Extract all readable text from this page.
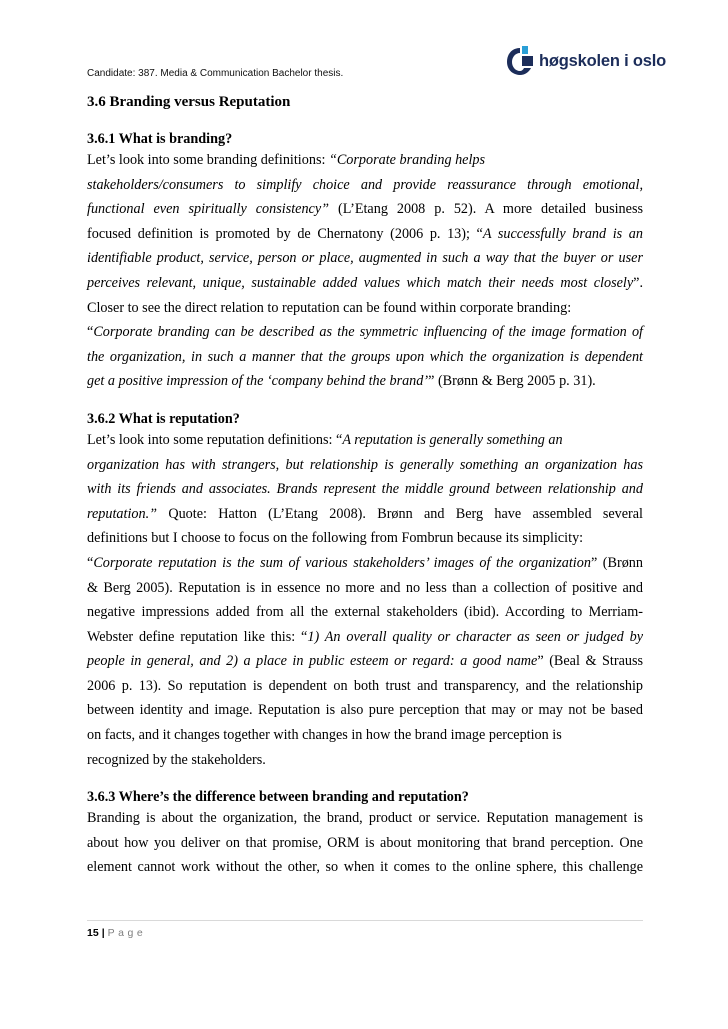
Candidate: 387. Media & Communication Bachelor thesis.
høgskolen i oslo
3.6 Branding versus Reputation
3.6.1 What is branding?

Let’s look into some branding definitions: “Corporate branding helps
stakeholders/consumers to simplify choice and provide reassurance through emotional,
functional even spiritually consistency” (L’Etang 2008 p. 52). A more detailed business
focused definition is promoted by de Chernatony (2006 p. 13); “A successfully brand is an
identifiable product, service, person or place, augmented in such a way that the buyer or user
perceives relevant, unique, sustainable added values which match their needs most closely”.
Closer to see the direct relation to reputation can be found within corporate branding:
“Corporate branding can be described as the symmetric influencing of the image formation of
the organization, in such a manner that the groups upon which the organization is dependent
get a positive impression of the ‘company behind the brand’” (Brønn & Berg 2005 p. 31).

3.6.2 What is reputation?

Let’s look into some reputation definitions: “A reputation is generally something an
organization has with strangers, but relationship is generally something an organization has
with its friends and associates. Brands represent the middle ground between relationship and
reputation.” Quote: Hatton (L’Etang 2008). Brønn and Berg have assembled several
definitions but I choose to focus on the following from Fombrun because its simplicity:
“Corporate reputation is the sum of various stakeholders’ images of the organization” (Brønn
& Berg 2005). Reputation is in essence no more and no less than a collection of positive and
negative impressions added from all the external stakeholders (ibid). According to Merriam-
Webster define reputation like this: “1) An overall quality or character as seen or judged by
people in general, and 2) a place in public esteem or regard: a good name” (Beal & Strauss
2006 p. 13). So reputation is dependent on both trust and transparency, and the relationship
between identity and image. Reputation is also pure perception that may or may not be based
on facts, and it changes together with changes in how the brand image perception is
recognized by the stakeholders.

3.6.3 Where’s the difference between branding and reputation?

Branding is about the organization, the brand, product or service. Reputation management is
about how you deliver on that promise, ORM is about monitoring that brand perception. One
element cannot work without the other, so when it comes to the online sphere, this challenge

15 | Page
